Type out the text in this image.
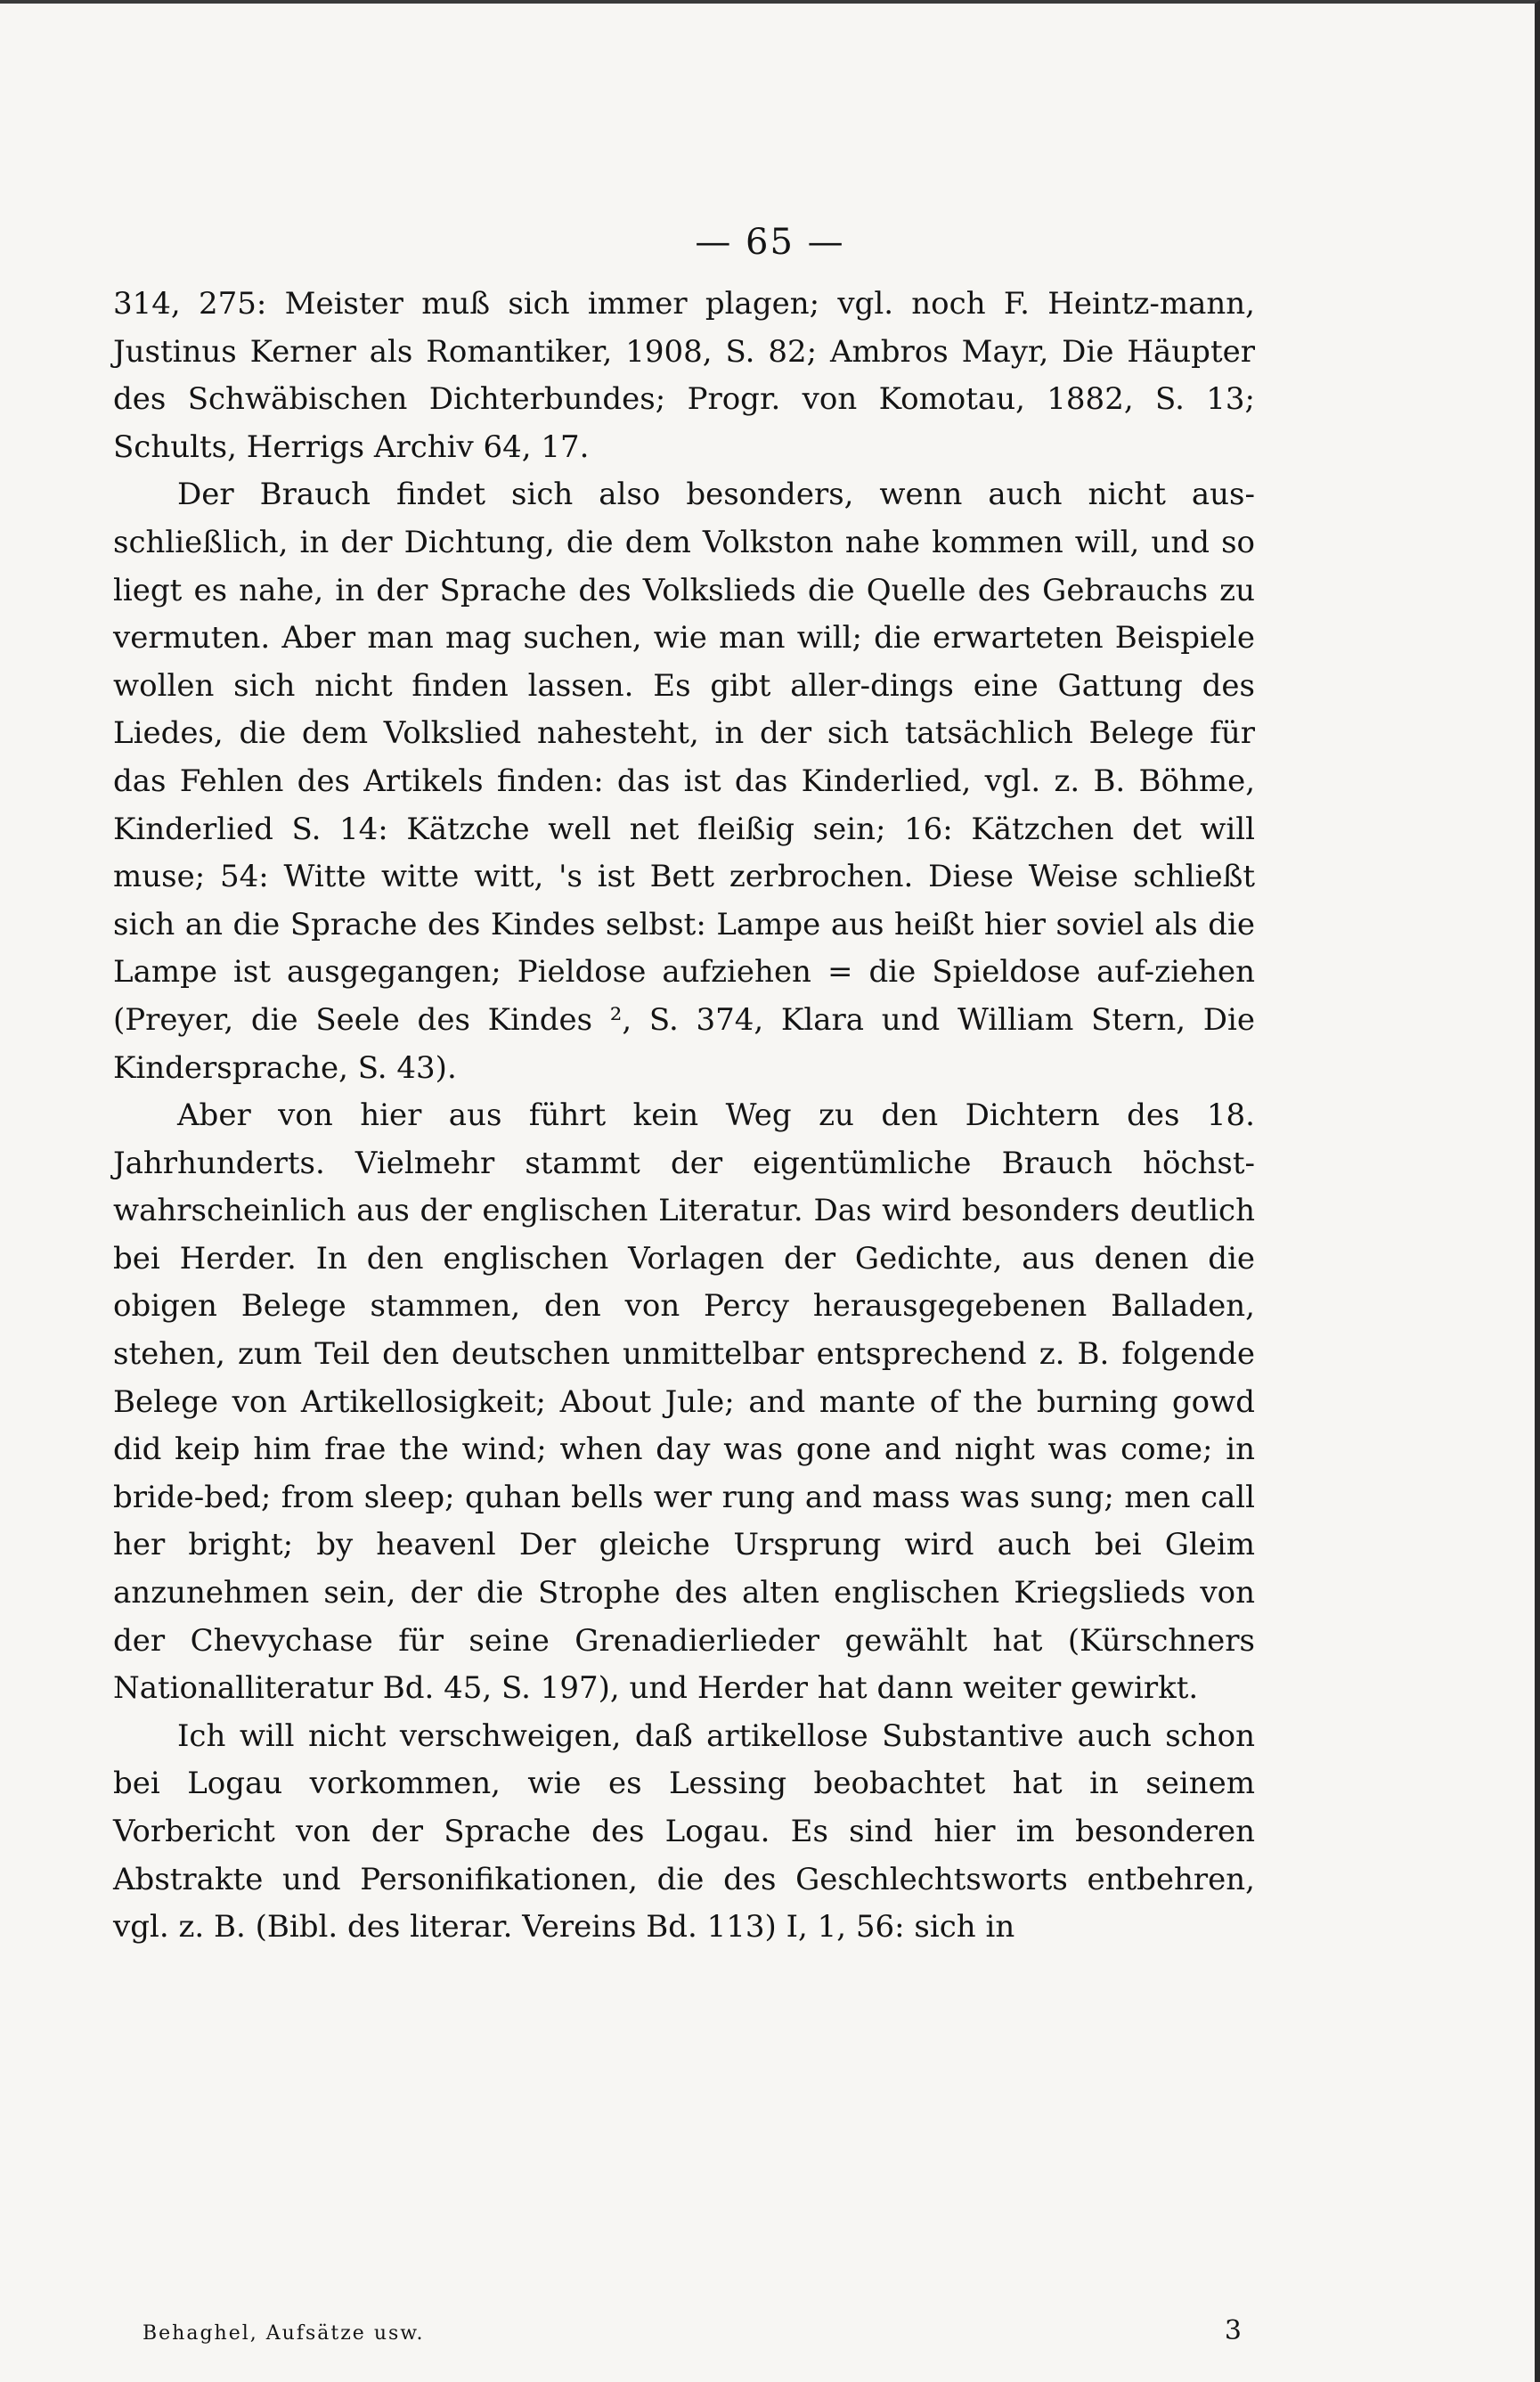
— 65 —

314, 275: Meister muß sich immer plagen; vgl. noch F. Heintz-mann, Justinus Kerner als Romantiker, 1908, S. 82; Ambros Mayr, Die Häupter des Schwäbischen Dichterbundes; Progr. von Komotau, 1882, S. 13; Schults, Herrigs Archiv 64, 17.

Der Brauch findet sich also besonders, wenn auch nicht aus-schließlich, in der Dichtung, die dem Volkston nahe kommen will, und so liegt es nahe, in der Sprache des Volkslieds die Quelle des Gebrauchs zu vermuten. Aber man mag suchen, wie man will; die erwarteten Beispiele wollen sich nicht finden lassen. Es gibt aller-dings eine Gattung des Liedes, die dem Volkslied nahesteht, in der sich tatsächlich Belege für das Fehlen des Artikels finden: das ist das Kinderlied, vgl. z. B. Böhme, Kinderlied S. 14: Kätzche well net fleißig sein; 16: Kätzchen det will muse; 54: Witte witte witt, 's ist Bett zerbrochen. Diese Weise schließt sich an die Sprache des Kindes selbst: Lampe aus heißt hier soviel als die Lampe ist ausgegangen; Pieldose aufziehen = die Spieldose auf-ziehen (Preyer, die Seele des Kindes ², S. 374, Klara und William Stern, Die Kindersprache, S. 43).

Aber von hier aus führt kein Weg zu den Dichtern des 18. Jahrhunderts. Vielmehr stammt der eigentümliche Brauch höchst-wahrscheinlich aus der englischen Literatur. Das wird besonders deutlich bei Herder. In den englischen Vorlagen der Gedichte, aus denen die obigen Belege stammen, den von Percy herausgegebenen Balladen, stehen, zum Teil den deutschen unmittelbar entsprechend z. B. folgende Belege von Artikellosigkeit; About Jule; and mante of the burning gowd did keip him frae the wind; when day was gone and night was come; in bride-bed; from sleep; quhan bells wer rung and mass was sung; men call her bright; by heavenl Der gleiche Ursprung wird auch bei Gleim anzunehmen sein, der die Strophe des alten englischen Kriegslieds von der Chevychase für seine Grenadierlieder gewählt hat (Kürschners Nationalliteratur Bd. 45, S. 197), und Herder hat dann weiter gewirkt.

Ich will nicht verschweigen, daß artikellose Substantive auch schon bei Logau vorkommen, wie es Lessing beobachtet hat in seinem Vorbericht von der Sprache des Logau. Es sind hier im besonderen Abstrakte und Personifikationen, die des Geschlechtsworts entbehren, vgl. z. B. (Bibl. des literar. Vereins Bd. 113) I, 1, 56: sich in

Behaghel, Aufsätze usw.	3
